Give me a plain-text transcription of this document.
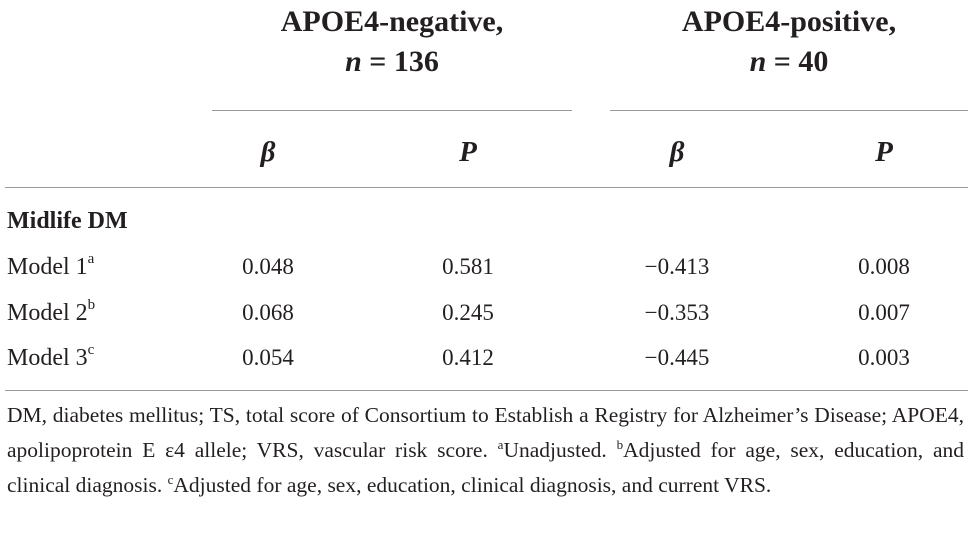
APOE4-negative,
n = 136
APOE4-positive,
n = 40
β	P	β	P
Midlife DM
Model 1$^a$	0.048	0.581	−0.413	0.008
Model 2$^b$	0.068	0.245	−0.353	0.007
Model 3$^c$	0.054	0.412	−0.445	0.003
DM, diabetes mellitus; TS, total score of Consortium to Establish a Registry for Alzheimer’s Disease; APOE4, apolipoprotein E ε4 allele; VRS, vascular risk score. $^a$Unadjusted. $^b$Adjusted for age, sex, education, and clinical diagnosis. $^c$Adjusted for age, sex, education, clinical diagnosis, and current VRS.
